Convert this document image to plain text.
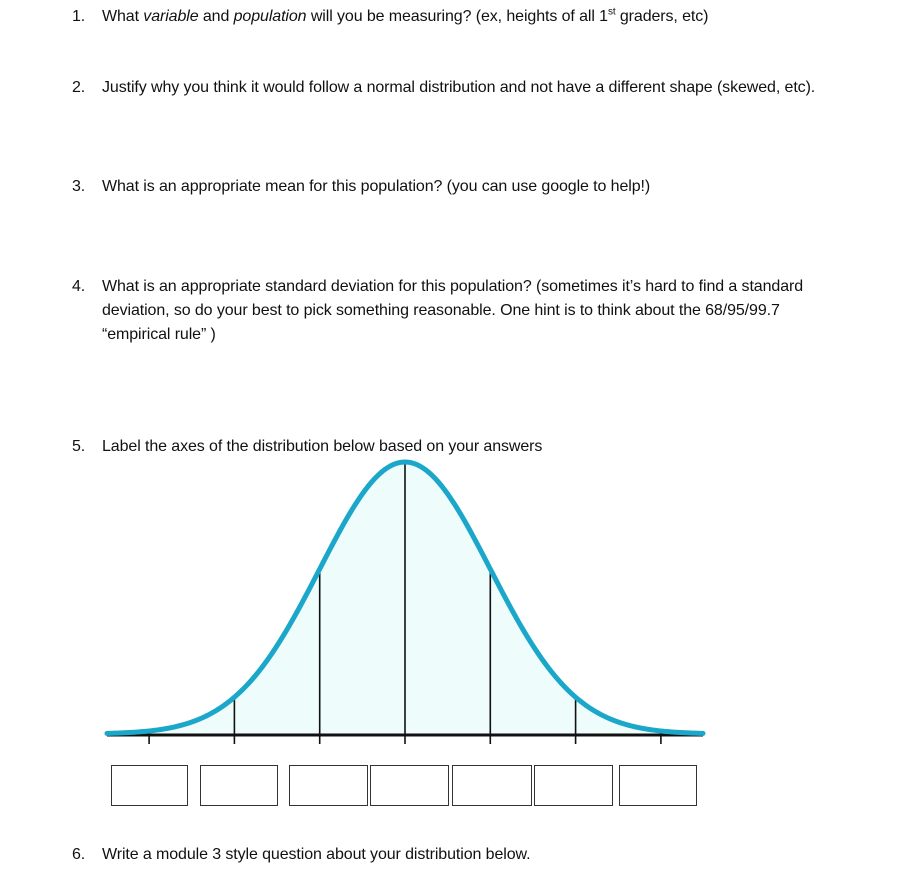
1.	What variable and population will you be measuring? (ex, heights of all 1st graders, etc)
2.	Justify why you think it would follow a normal distribution and not have a different shape (skewed, etc).
3.	What is an appropriate mean for this population? (you can use google to help!)
4.	What is an appropriate standard deviation for this population? (sometimes it’s hard to find a standard deviation, so do your best to pick something reasonable. One hint is to think about the 68/95/99.7 “empirical rule” )
5.	Label the axes of the distribution below based on your answers
6.	Write a module 3 style question about your distribution below.
